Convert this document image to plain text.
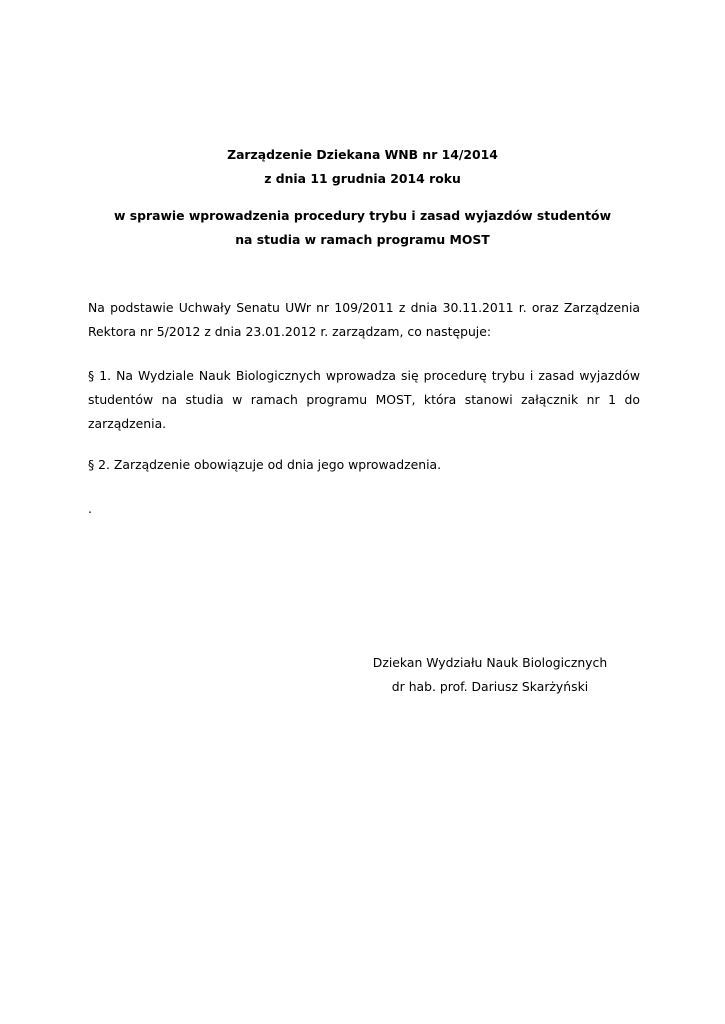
Zarządzenie Dziekana WNB nr 14/2014
z dnia 11 grudnia 2014 roku
w sprawie wprowadzenia procedury trybu i zasad wyjazdów studentów
na studia w ramach programu MOST
Na podstawie Uchwały Senatu UWr nr 109/2011 z dnia 30.11.2011 r. oraz Zarządzenia
Rektora nr 5/2012 z dnia 23.01.2012 r. zarządzam, co następuje:
§ 1. Na Wydziale Nauk Biologicznych wprowadza się procedurę trybu i zasad wyjazdów
studentów na studia w ramach programu MOST, która stanowi załącznik nr 1 do
zarządzenia.
§ 2. Zarządzenie obowiązuje od dnia jego wprowadzenia.
.
Dziekan Wydziału Nauk Biologicznych
dr hab. prof. Dariusz Skarżyński
